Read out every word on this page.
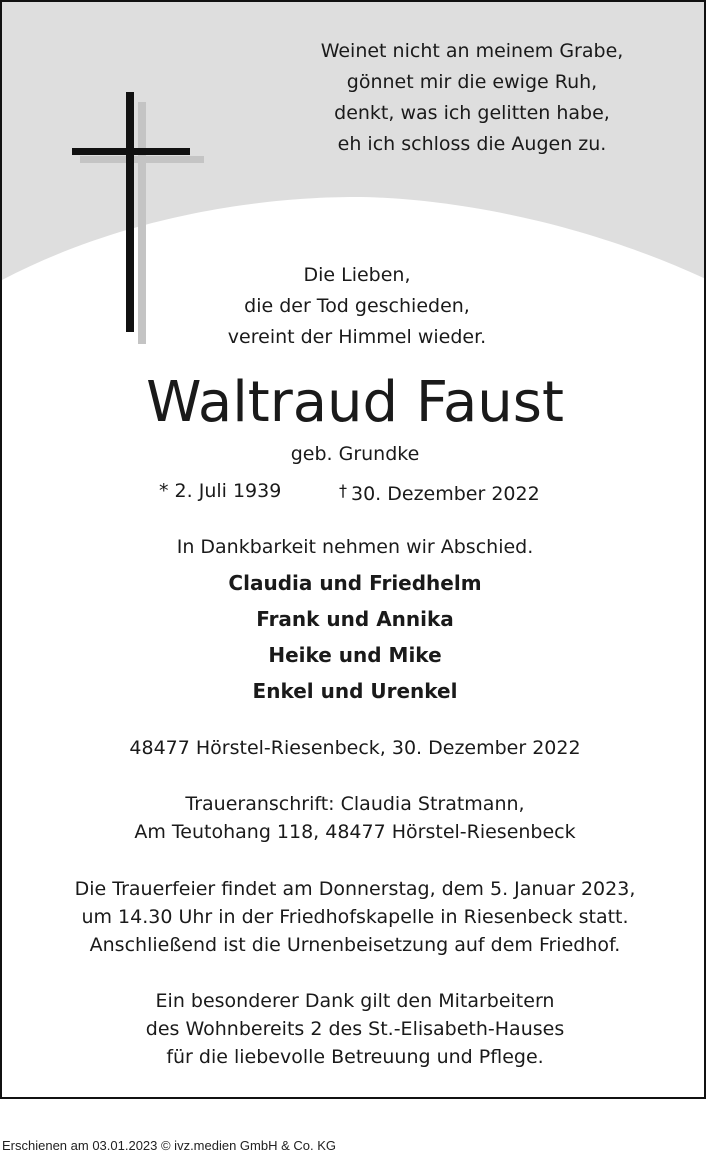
Weinet nicht an meinem Grabe,
gönnet mir die ewige Ruh,
denkt, was ich gelitten habe,
eh ich schloss die Augen zu.
Die Lieben,
die der Tod geschieden,
vereint der Himmel wieder.
Waltraud Faust
geb. Grundke
* 2. Juli 1939	† 30. Dezember 2022
In Dankbarkeit nehmen wir Abschied.
Claudia und Friedhelm
Frank und Annika
Heike und Mike
Enkel und Urenkel
48477 Hörstel-Riesenbeck, 30. Dezember 2022
Traueranschrift: Claudia Stratmann,
Am Teutohang 118, 48477 Hörstel-Riesenbeck
Die Trauerfeier findet am Donnerstag, dem 5. Januar 2023,
um 14.30 Uhr in der Friedhofskapelle in Riesenbeck statt.
Anschließend ist die Urnenbeisetzung auf dem Friedhof.
Ein besonderer Dank gilt den Mitarbeitern
des Wohnbereits 2 des St.-Elisabeth-Hauses
für die liebevolle Betreuung und Pflege.
Erschienen am 03.01.2023 © ivz.medien GmbH & Co. KG
